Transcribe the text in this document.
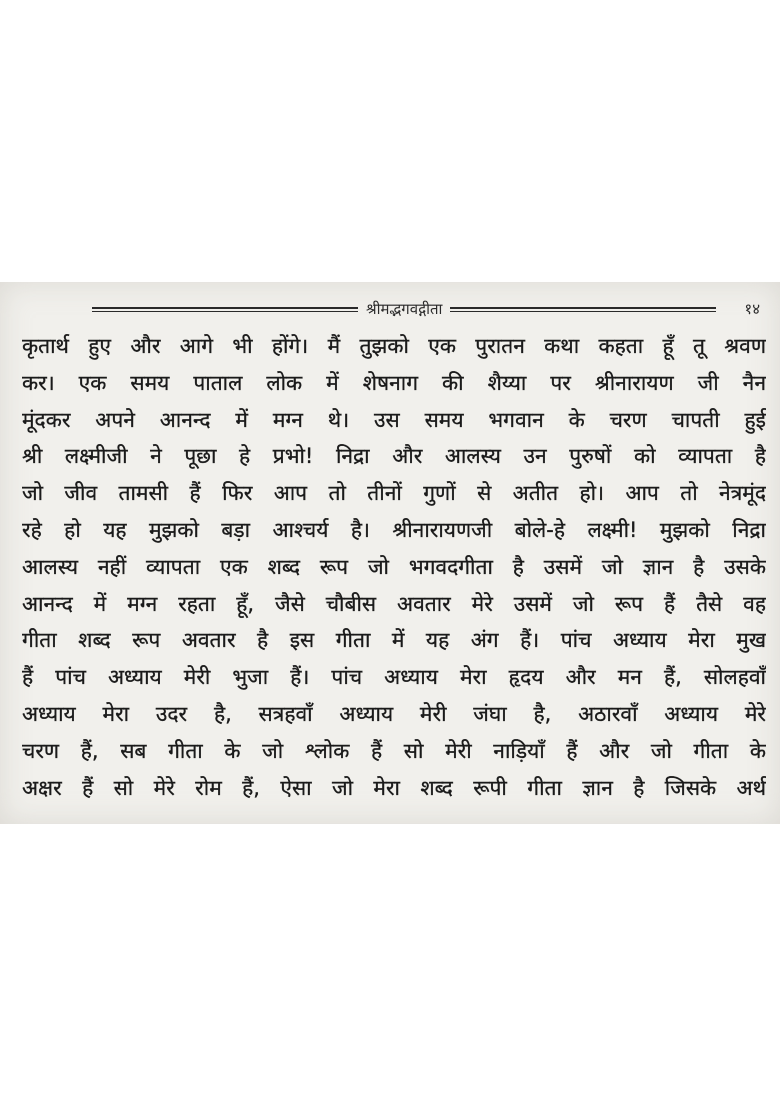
श्रीमद्भगवद्गीता	१४
कृतार्थ हुए और आगे भी होंगे। मैं तुझको एक पुरातन कथा कहता हूँ तू श्रवण
कर। एक समय पाताल लोक में शेषनाग की शैय्या पर श्रीनारायण जी नैन
मूंदकर अपने आनन्द में मग्न थे। उस समय भगवान के चरण चापती हुई
श्री लक्ष्मीजी ने पूछा हे प्रभो! निद्रा और आलस्य उन पुरुषों को व्यापता है
जो जीव तामसी हैं फिर आप तो तीनों गुणों से अतीत हो। आप तो नेत्रमूंद
रहे हो यह मुझको बड़ा आश्चर्य है। श्रीनारायणजी बोले-हे लक्ष्मी! मुझको निद्रा
आलस्य नहीं व्यापता एक शब्द रूप जो भगवदगीता है उसमें जो ज्ञान है उसके
आनन्द में मग्न रहता हूँ, जैसे चौबीस अवतार मेरे उसमें जो रूप हैं तैसे वह
गीता शब्द रूप अवतार है इस गीता में यह अंग हैं। पांच अध्याय मेरा मुख
हैं पांच अध्याय मेरी भुजा हैं। पांच अध्याय मेरा हृदय और मन हैं, सोलहवाँ
अध्याय मेरा उदर है, सत्रहवाँ अध्याय मेरी जंघा है, अठारवाँ अध्याय मेरे
चरण हैं, सब गीता के जो श्लोक हैं सो मेरी नाड़ियाँ हैं और जो गीता के
अक्षर हैं सो मेरे रोम हैं, ऐसा जो मेरा शब्द रूपी गीता ज्ञान है जिसके अर्थ
